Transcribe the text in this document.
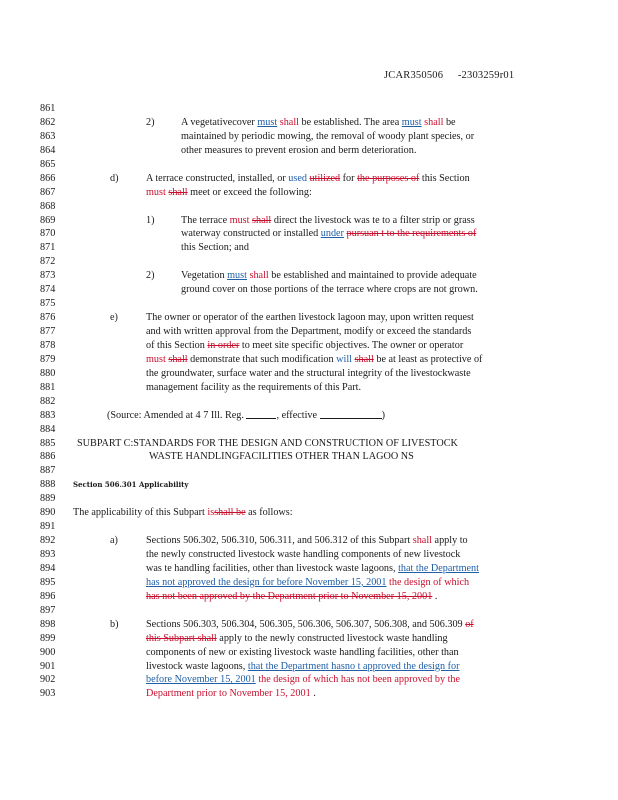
JCAR350506 -2303259r01
861
862	2)	A vegetativecover must shall be established. The area must shall be
863	maintained by periodic mowing, the removal of woody plant species, or
864	other measures to prevent erosion and berm deterioration.
865
866	d)	A terrace constructed, installed, or used utilized for the purposes of this Section
867	must shall meet or exceed the following:
868
869	1)	The terrace must shall direct the livestock was te to a filter strip or grass
870	waterway constructed or installed under pursuan t to the requirements of
871	this Section; and
872
873	2)	Vegetation must shall be established and maintained to provide adequate
874	ground cover on those portions of the terrace where crops are not grown.
875
876	e)	The owner or operator of the earthen livestock lagoon may, upon written request
877	and with written approval from the Department, modify or exceed the standards
878	of this Section in order to meet site specific objectives. The owner or operator
879	must shall demonstrate that such modification will shall be at least as protective of
880	the groundwater, surface water and the structural integrity of the livestockwaste
881	management facility as the requirements of this Part.
882
883	(Source: Amended at 4 7 Ill. Reg.	, effective	)
884
885	SUBPART C:STANDARDS FOR THE DESIGN AND CONSTRUCTION OF LIVESTOCK
886	WASTE HANDLINGFACILITIES OTHER THAN LAGOO NS
887
888	Section 506.301 Applicability
889
890	The applicability of this Subpart isshall be as follows:
891
892	a)	Sections 506.302, 506.310, 506.311, and 506.312 of this Subpart shall apply to
893	the newly constructed livestock waste handling components of new livestock
894	was te handling facilities, other than livestock waste lagoons, that the Department
895	has not approved the design for before November 15, 2001 the design of which
896	has not been approved by the Department prior to November 15, 2001 .
897
898	b)	Sections 506.303, 506.304, 506.305, 506.306, 506.307, 506.308, and 506.309 of
899	this Subpart shall apply to the newly constructed livestock waste handling
900	components of new or existing livestock waste handling facilities, other than
901	livestock waste lagoons, that the Department hasno t approved the design for
902	before November 15, 2001 the design of which has not been approved by the
903	Department prior to November 15, 2001 .
